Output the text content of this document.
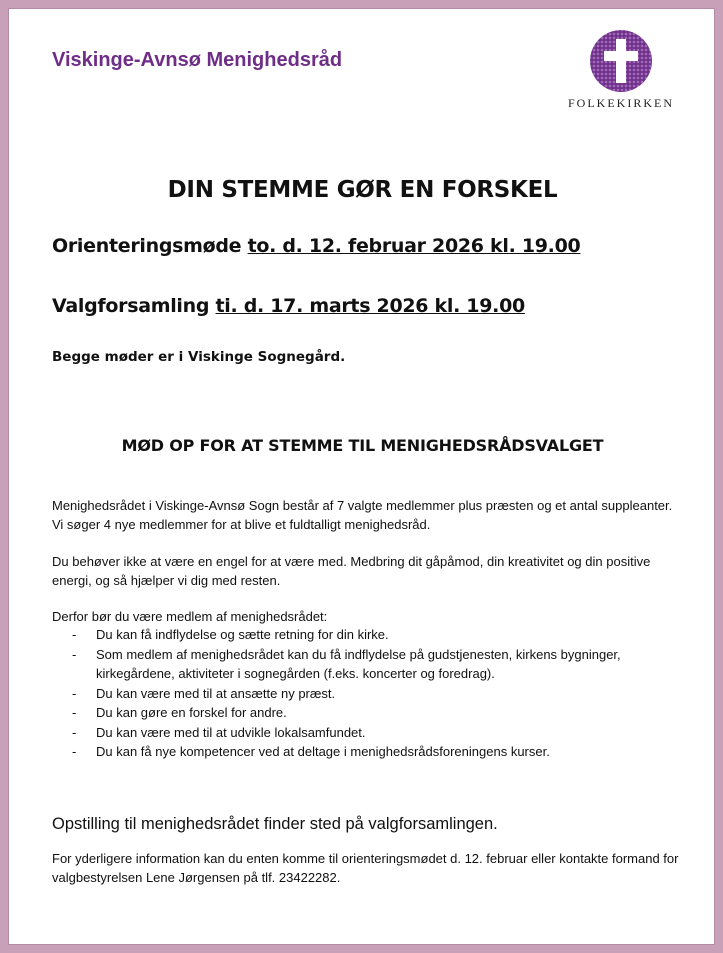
Viskinge-Avnsø Menighedsråd
FOLKEKIRKEN
DIN STEMME GØR EN FORSKEL
Orienteringsmøde to. d. 12. februar 2026 kl. 19.00
Valgforsamling ti. d. 17. marts 2026 kl. 19.00
Begge møder er i Viskinge Sognegård.
MØD OP FOR AT STEMME TIL MENIGHEDSRÅDSVALGET
Menighedsrådet i Viskinge-Avnsø Sogn består af 7 valgte medlemmer plus præsten og et antal suppleanter. Vi søger 4 nye medlemmer for at blive et fuldtalligt menighedsråd.
Du behøver ikke at være en engel for at være med. Medbring dit gåpåmod, din kreativitet og din positive energi, og så hjælper vi dig med resten.
Derfor bør du være medlem af menighedsrådet:
- Du kan få indflydelse og sætte retning for din kirke.
- Som medlem af menighedsrådet kan du få indflydelse på gudstjenesten, kirkens bygninger, kirkegårdene, aktiviteter i sognegården (f.eks. koncerter og foredrag).
- Du kan være med til at ansætte ny præst.
- Du kan gøre en forskel for andre.
- Du kan være med til at udvikle lokalsamfundet.
- Du kan få nye kompetencer ved at deltage i menighedsrådsforeningens kurser.
Opstilling til menighedsrådet finder sted på valgforsamlingen.
For yderligere information kan du enten komme til orienteringsmødet d. 12. februar eller kontakte formand for valgbestyrelsen Lene Jørgensen på tlf. 23422282.
